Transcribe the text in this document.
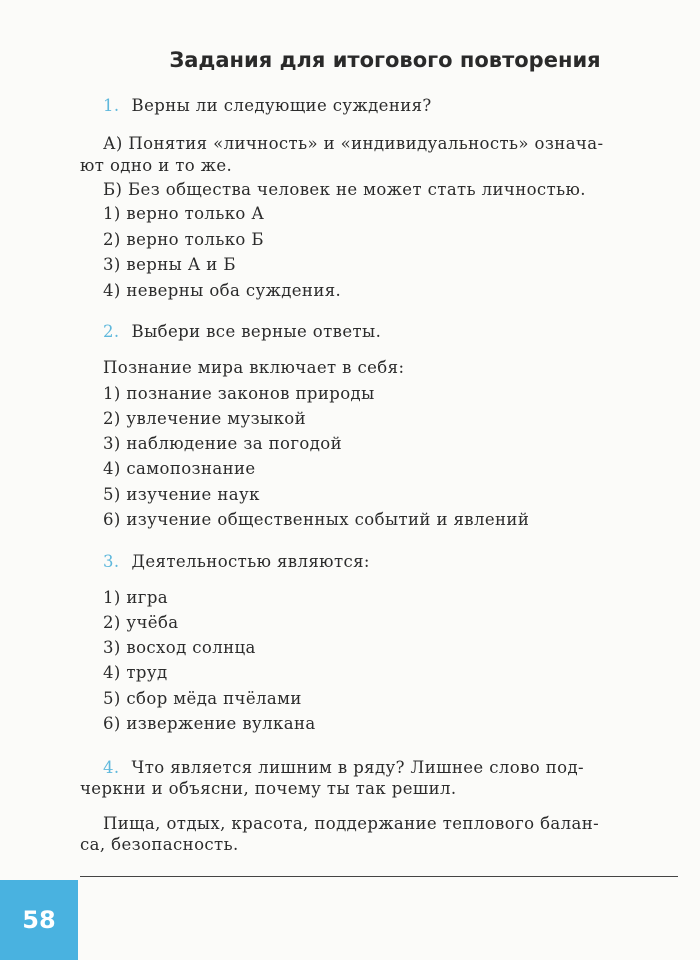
Задания для итогового повторения
1. Верны ли следующие суждения?
А) Понятия «личность» и «индивидуальность» означа-
ют одно и то же.
Б) Без общества человек не может стать личностью.
1) верно только А
2) верно только Б
3) верны А и Б
4) неверны оба суждения.
2. Выбери все верные ответы.
Познание мира включает в себя:
1) познание законов природы
2) увлечение музыкой
3) наблюдение за погодой
4) самопознание
5) изучение наук
6) изучение общественных событий и явлений
3. Деятельностью являются:
1) игра
2) учёба
3) восход солнца
4) труд
5) сбор мёда пчёлами
6) извержение вулкана
4. Что является лишним в ряду? Лишнее слово под-
черкни и объясни, почему ты так решил.
Пища, отдых, красота, поддержание теплового балан-
са, безопасность.
58
